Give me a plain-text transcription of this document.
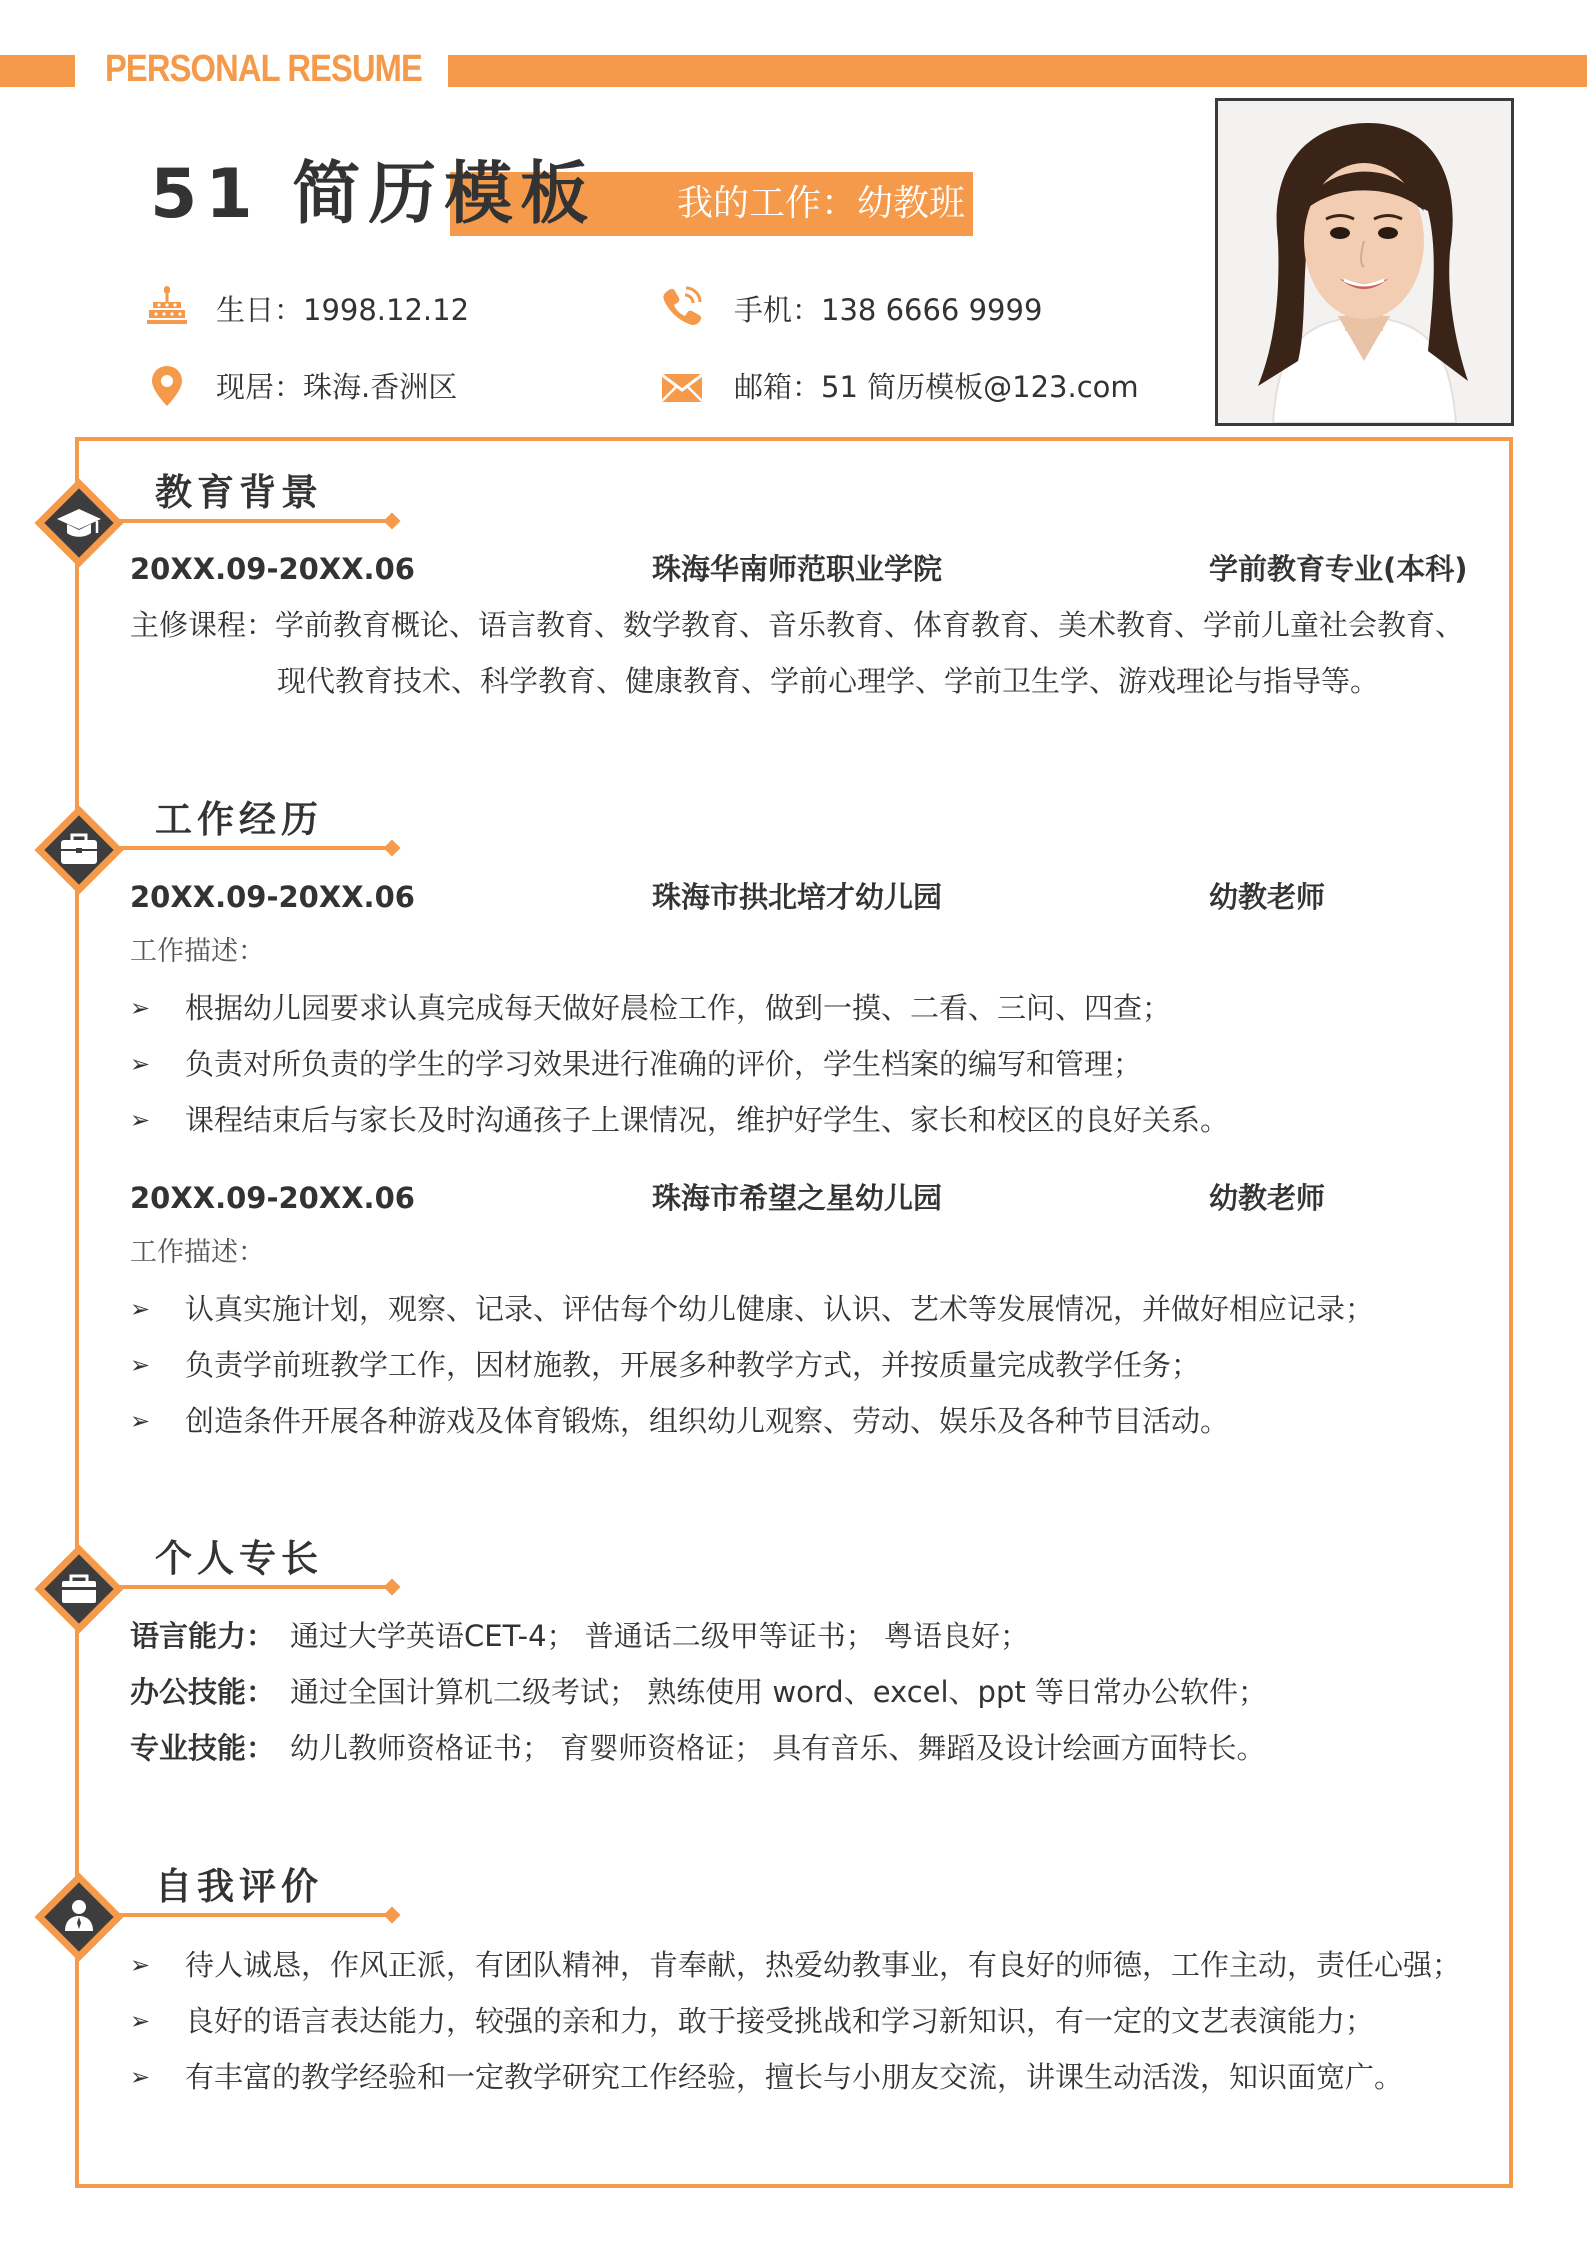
PERSONAL RESUME
51 简历模板 我的工作：幼教班
生日：1998.12.12	手机：138 6666 9999
现居：珠海.香洲区	邮箱：51 简历模板@123.com
教育背景
20XX.09-20XX.06	珠海华南师范职业学院	学前教育专业(本科)
主修课程：学前教育概论、语言教育、数学教育、音乐教育、体育教育、美术教育、学前儿童社会教育、
现代教育技术、科学教育、健康教育、学前心理学、学前卫生学、游戏理论与指导等。
工作经历
20XX.09-20XX.06	珠海市拱北培才幼儿园	幼教老师
工作描述：
➢ 根据幼儿园要求认真完成每天做好晨检工作，做到一摸、二看、三问、四查；
➢ 负责对所负责的学生的学习效果进行准确的评价，学生档案的编写和管理；
➢ 课程结束后与家长及时沟通孩子上课情况，维护好学生、家长和校区的良好关系。
20XX.09-20XX.06	珠海市希望之星幼儿园	幼教老师
工作描述：
➢ 认真实施计划，观察、记录、评估每个幼儿健康、认识、艺术等发展情况，并做好相应记录；
➢ 负责学前班教学工作，因材施教，开展多种教学方式，并按质量完成教学任务；
➢ 创造条件开展各种游戏及体育锻炼，组织幼儿观察、劳动、娱乐及各种节目活动。
个人专长
语言能力： 通过大学英语CET-4； 普通话二级甲等证书； 粤语良好；
办公技能： 通过全国计算机二级考试； 熟练使用 word、excel、ppt 等日常办公软件；
专业技能： 幼儿教师资格证书； 育婴师资格证； 具有音乐、舞蹈及设计绘画方面特长。
自我评价
➢ 待人诚恳，作风正派，有团队精神，肯奉献，热爱幼教事业，有良好的师德，工作主动，责任心强；
➢ 良好的语言表达能力，较强的亲和力，敢于接受挑战和学习新知识，有一定的文艺表演能力；
➢ 有丰富的教学经验和一定教学研究工作经验，擅长与小朋友交流，讲课生动活泼，知识面宽广。
